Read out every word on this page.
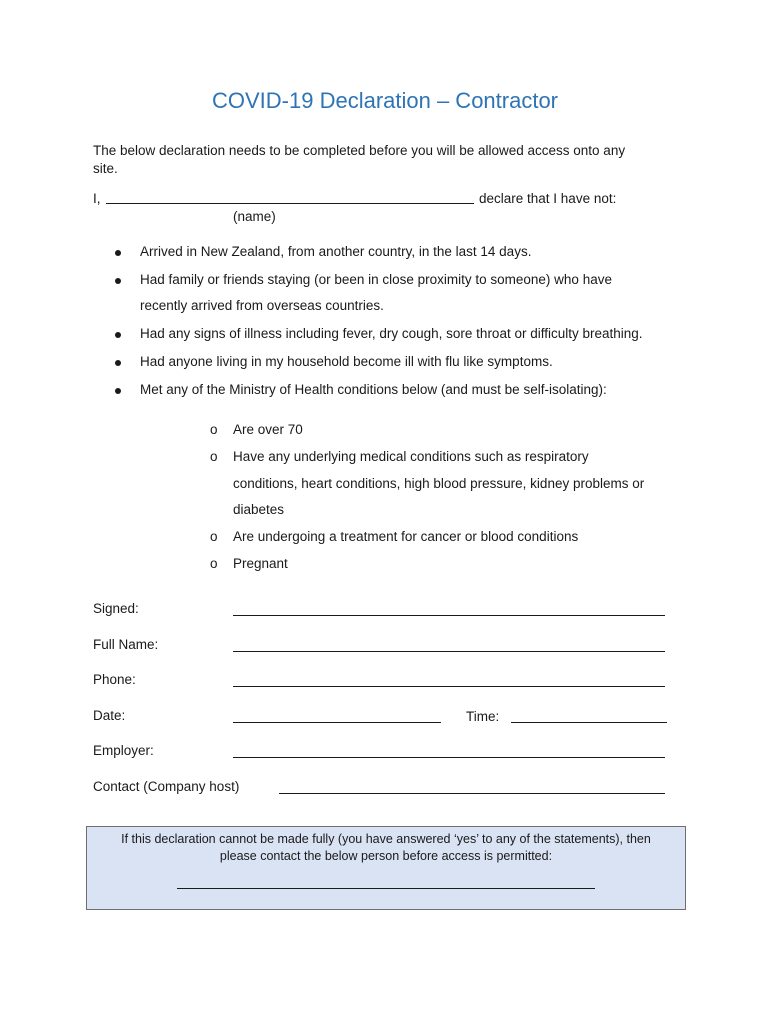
COVID-19 Declaration – Contractor
The below declaration needs to be completed before you will be allowed access onto any
site.
I,	declare that I have not:
(name)
Arrived in New Zealand, from another country, in the last 14 days.
Had family or friends staying (or been in close proximity to someone) who have
recently arrived from overseas countries.
Had any signs of illness including fever, dry cough, sore throat or difficulty breathing.
Had anyone living in my household become ill with flu like symptoms.
Met any of the Ministry of Health conditions below (and must be self-isolating):
o Are over 70
o Have any underlying medical conditions such as respiratory
conditions, heart conditions, high blood pressure, kidney problems or
diabetes
o Are undergoing a treatment for cancer or blood conditions
o Pregnant
Signed:
Full Name:
Phone:
Date:	Time:
Employer:
Contact (Company host)
If this declaration cannot be made fully (you have answered ‘yes’ to any of the statements), then
please contact the below person before access is permitted:
